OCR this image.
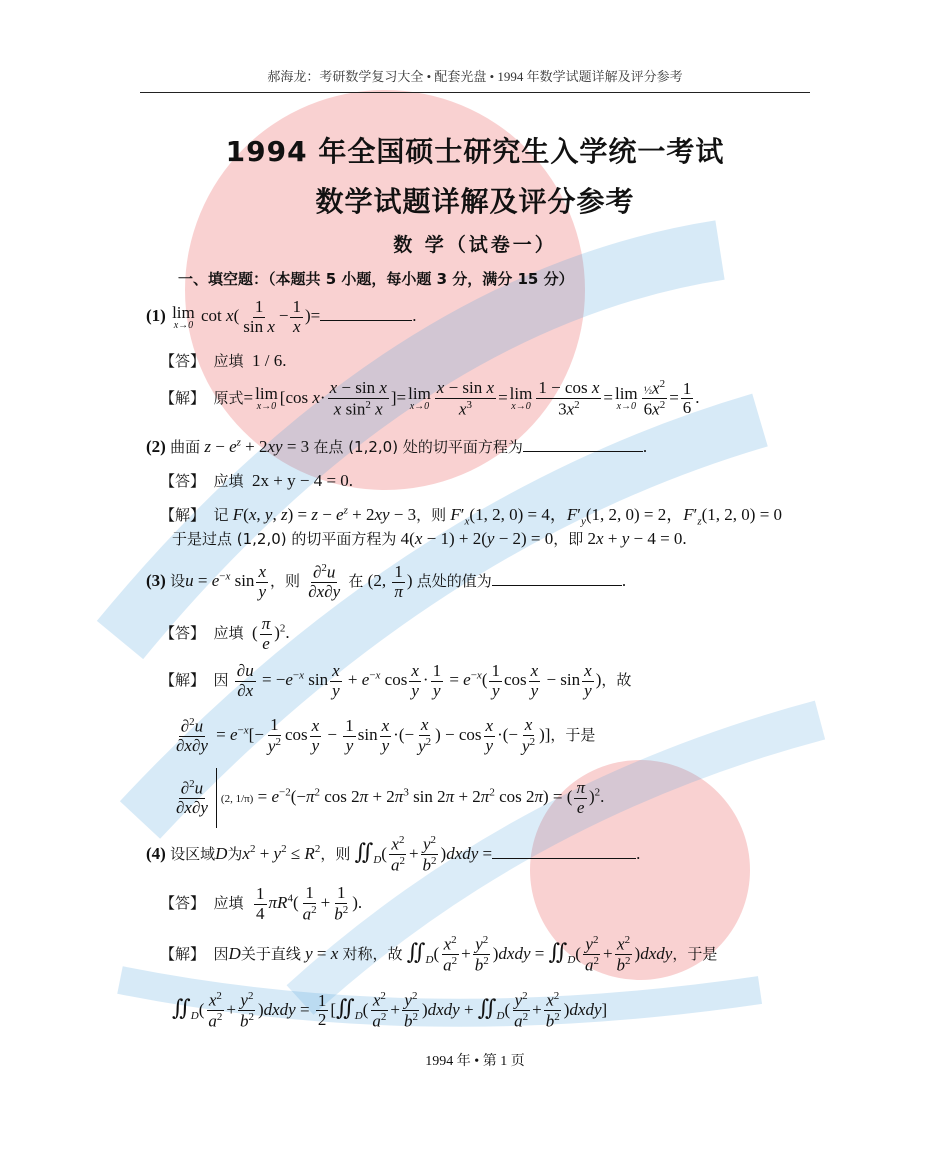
郝海龙：考研数学复习大全 • 配套光盘 • 1994 年数学试题详解及评分参考
1994 年全国硕士研究生入学统一考试
数学试题详解及评分参考
数 学（试卷一）
一、填空题：（本题共 5 小题，每小题 3 分，满分 15 分）
(1) lim
x→0
$\cot x( \frac{1}{\text{sin x}} - \frac{1}{x}$ )=	.
【答】 应填 1 / 6.
【解】 原式= lim
x→0
[cos $x\cdot \frac{\text{x − sin x}}{x \sin^2 x}$ ]= lim
$x\to 0 \frac{\text{x − sin x}}{x^3} = \lim$
$x\to 0 \frac{\text{1 − cos x}}{3x^2} = \lim$
$x\to 0 \frac{\frac{1}{2}x^2}{6x^2} = \frac{1}{6}$ .
(2) 曲面 $z - e^z + 2xy = 3$ 在点 (1,2,0) 处的切平面方程为	.
【答】 应填 2x + y − 4 = 0.
【解】 记 F(x, y, $z) = z - e^z + 2xy - 3$，则 $F'_x(1$, 2, 0) = 4，$F'_y(1$, 2, 0) = 2，$F'_z(1$, 2, 0) = 0
于是过点 (1,2,0) 的切平面方程为 4(x − 1) + 2(y − 2) = 0，即 2x + y − 4 = 0.
(3) 设$u = e^{-x}$ $\sin \frac{x}{y}$ ，则 $\frac{\partial^2u}{\partial x\partial y}$ 在 (2, $\frac{1}{\pi}$ ) 点处的值为	.
【答】 应填  ( $\frac{\pi}{e} )^2$.
【解】 因 $\frac{\partial u}{\partial x} = -e^{-x}$ $\sin \frac{x}{y} + e^{-x}$ $\cos \frac{x}{y} \cdot \frac{1}{y} = e^{-x}( \frac{1}{y}$ $\cos \frac{x}{y} - \sin \frac{x}{y}$ )，故
$\frac{\partial^2u}{\partial x\partial y} = e^{-x}[- \frac{1}{y^2}$ $\cos \frac{x}{y} - \frac{1}{y}$ $\sin \frac{x}{y}$ ·(− $\frac{x}{y^2}$ ) − $\cos \frac{x}{y}$ ·(− $\frac{x}{y^2}$ )]，于是
$\frac{\partial^2u}{\partial x\partial y} (2$, $1/\pi) = e^{-2}(-\pi^2$ $\cos 2\pi + 2\pi^3$ $\sin 2\pi + 2\pi^2$ cos 2π) = ( $\frac{\pi}{e} )^2$.
(4) 设区域D为$x^2 + y^2 \le R^2$，则 $∬_D( \frac{x^2}{a^2} + \frac{y^2}{b^2}$ )dxdy =	.
【答】 应填 $\frac{1}{4} \pi R^4( \frac{1}{a^2} + \frac{1}{b^2}$ ).
【解】 因D关于直线 y = x 对称，故 $∬_D( \frac{x^2}{a^2} + \frac{y^2}{b^2}$ )dxdy = $∬_D( \frac{y^2}{a^2} + \frac{x^2}{b^2}$ )dxdy，于是
$∬_D( \frac{x^2}{a^2} + \frac{y^2}{b^2}$ )dxdy = $\frac{1}{2}$ [$∬_D( \frac{x^2}{a^2} + \frac{y^2}{b^2}$ )dxdy + $∬_D( \frac{y^2}{a^2} + \frac{x^2}{b^2}$ )dxdy]
1994 年 • 第 1 页
